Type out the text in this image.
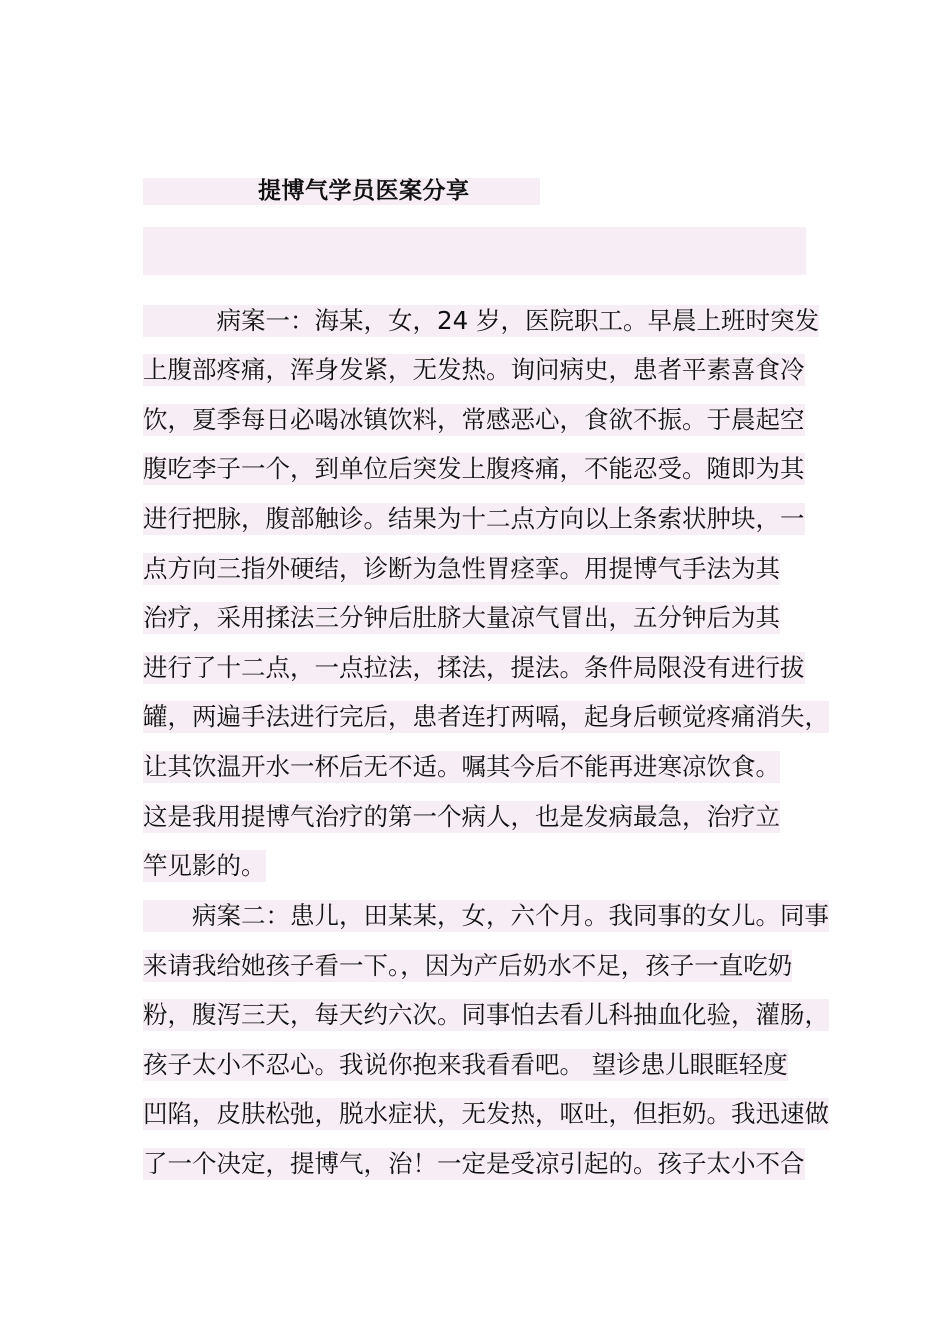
提博气学员医案分享
　　　病案一：海某，女，24 岁，医院职工。早晨上班时突发
上腹部疼痛，浑身发紧，无发热。询问病史，患者平素喜食冷
饮，夏季每日必喝冰镇饮料，常感恶心，食欲不振。于晨起空
腹吃李子一个，到单位后突发上腹疼痛，不能忍受。随即为其
进行把脉，腹部触诊。结果为十二点方向以上条索状肿块，一
点方向三指外硬结，诊断为急性胃痉挛。用提博气手法为其
治疗，采用揉法三分钟后肚脐大量凉气冒出，五分钟后为其
进行了十二点，一点拉法，揉法，提法。条件局限没有进行拔
罐，两遍手法进行完后，患者连打两嗝，起身后顿觉疼痛消失，
让其饮温开水一杯后无不适。嘱其今后不能再进寒凉饮食。
这是我用提博气治疗的第一个病人，也是发病最急，治疗立
竿见影的。
　　病案二：患儿，田某某，女，六个月。我同事的女儿。同事
来请我给她孩子看一下。，因为产后奶水不足，孩子一直吃奶
粉，腹泻三天，每天约六次。同事怕去看儿科抽血化验，灌肠，
孩子太小不忍心。我说你抱来我看看吧。 望诊患儿眼眶轻度
凹陷，皮肤松弛，脱水症状，无发热，呕吐，但拒奶。我迅速做
了一个决定，提博气，治！一定是受凉引起的。孩子太小不合
